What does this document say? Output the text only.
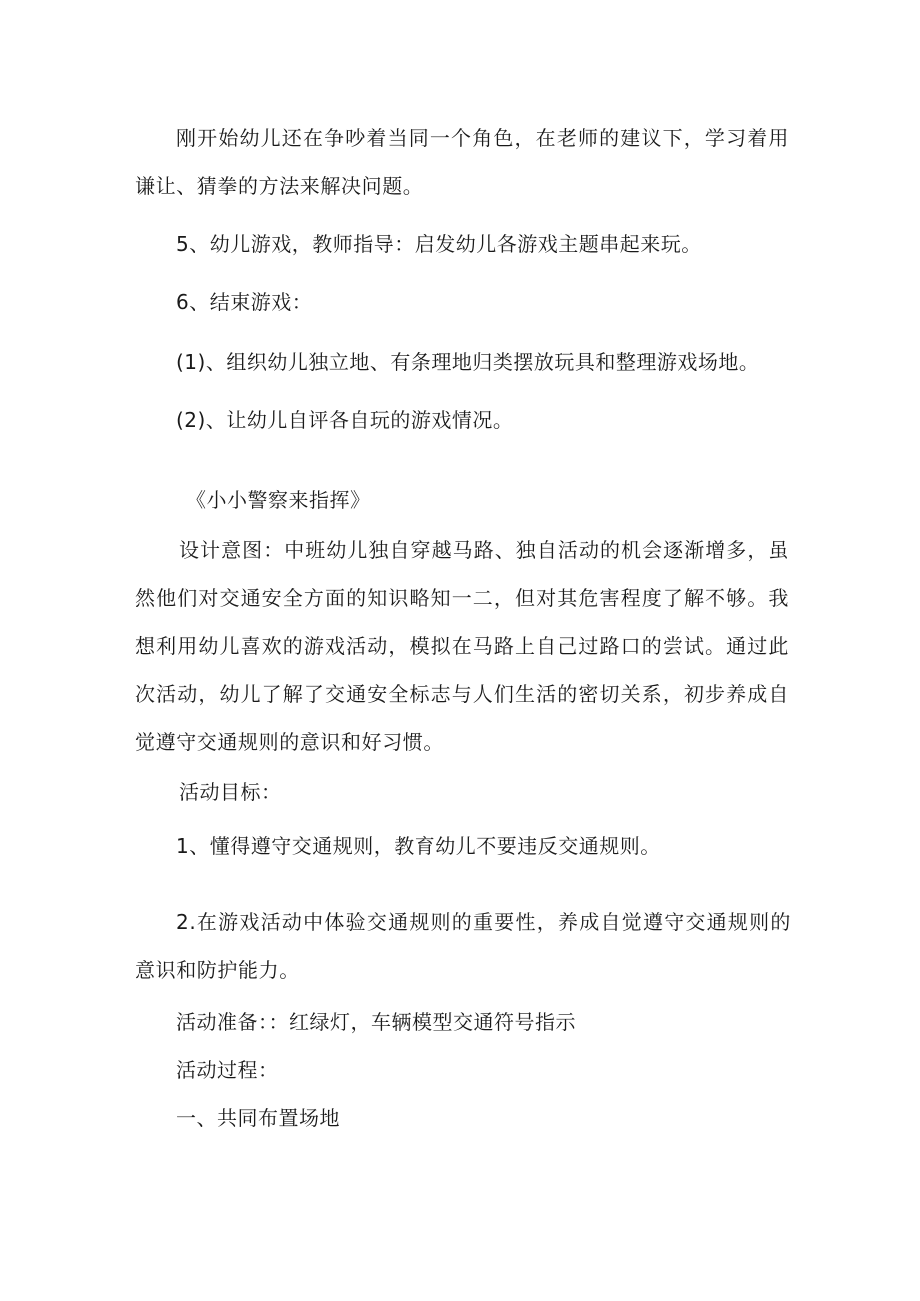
刚开始幼儿还在争吵着当同一个角色，在老师的建议下，学习着用谦让、猜拳的方法来解决问题。

5、幼儿游戏，教师指导：启发幼儿各游戏主题串起来玩。

6、结束游戏：

(1)、组织幼儿独立地、有条理地归类摆放玩具和整理游戏场地。

(2)、让幼儿自评各自玩的游戏情况。

《小小警察来指挥》

设计意图：中班幼儿独自穿越马路、独自活动的机会逐渐增多，虽然他们对交通安全方面的知识略知一二，但对其危害程度了解不够。我想利用幼儿喜欢的游戏活动，模拟在马路上自己过路口的尝试。通过此次活动，幼儿了解了交通安全标志与人们生活的密切关系，初步养成自觉遵守交通规则的意识和好习惯。

活动目标：

1、懂得遵守交通规则，教育幼儿不要违反交通规则。

2.在游戏活动中体验交通规则的重要性，养成自觉遵守交通规则的意识和防护能力。

活动准备：：红绿灯，车辆模型交通符号指示

活动过程：

一、共同布置场地
